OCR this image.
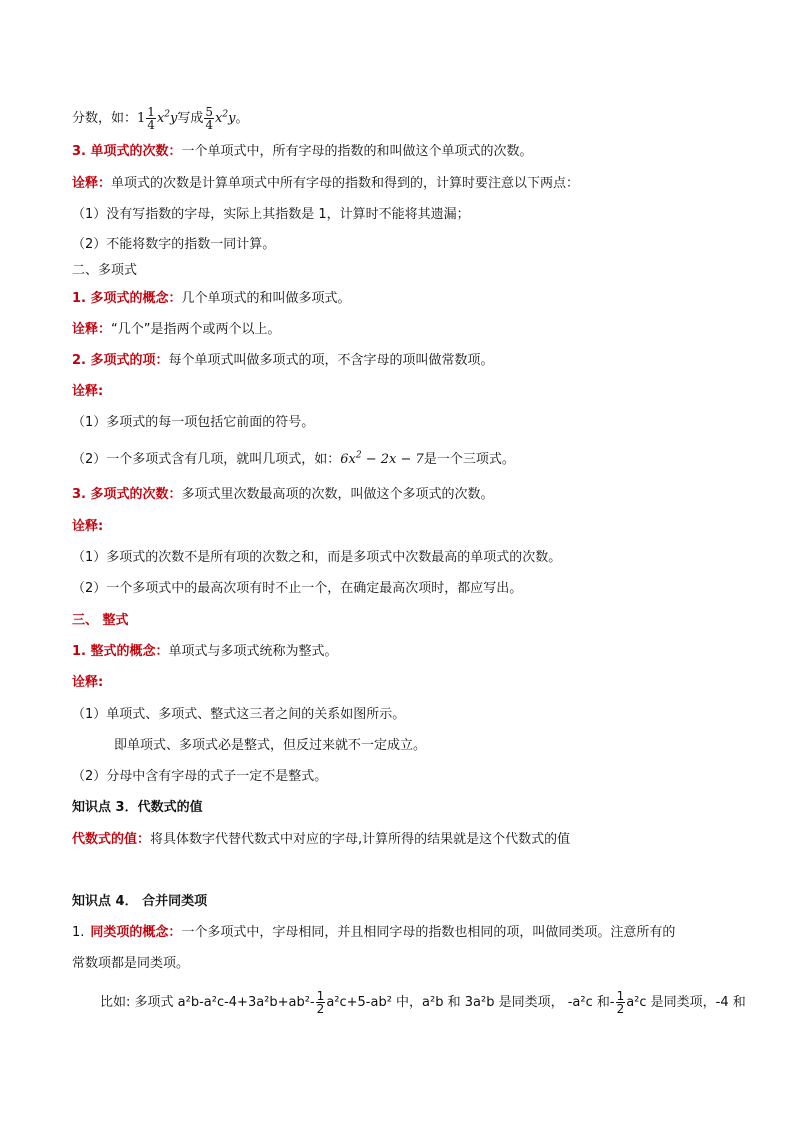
分数，如：$1 \frac{1}{4} x^2y$写成 $\frac{5}{4} x^2y$。
3. 单项式的次数：一个单项式中，所有字母的指数的和叫做这个单项式的次数。
诠释：单项式的次数是计算单项式中所有字母的指数和得到的，计算时要注意以下两点：
（1）没有写指数的字母，实际上其指数是 1，计算时不能将其遗漏；
（2）不能将数字的指数一同计算。
二、多项式
1. 多项式的概念：几个单项式的和叫做多项式。
诠释：“几个”是指两个或两个以上。
2. 多项式的项：每个单项式叫做多项式的项，不含字母的项叫做常数项。
诠释:
（1）多项式的每一项包括它前面的符号。
（2）一个多项式含有几项，就叫几项式，如：$6x^2 - 2x - 7$是一个三项式。
3. 多项式的次数：多项式里次数最高项的次数，叫做这个多项式的次数。
诠释:
（1）多项式的次数不是所有项的次数之和，而是多项式中次数最高的单项式的次数。
（2）一个多项式中的最高次项有时不止一个，在确定最高次项时，都应写出。
三、 整式
1. 整式的概念：单项式与多项式统称为整式。
诠释:
（1）单项式、多项式、整式这三者之间的关系如图所示。
即单项式、多项式必是整式，但反过来就不一定成立。
（2）分母中含有字母的式子一定不是整式。
知识点 3．代数式的值
代数式的值：将具体数字代替代数式中对应的字母,计算所得的结果就是这个代数式的值
知识点 4． 合并同类项
1. 同类项的概念：一个多项式中，字母相同，并且相同字母的指数也相同的项，叫做同类项。注意所有的
常数项都是同类项。
比如: 多项式 $a^2b-a^2c-4+3a^2b+ab^2- \frac{1}{2} a^2c+5-ab^2$ 中，a²b 和 3a²b 是同类项， -a²c 和- $\frac{1}{2} a^2c$ 是同类项，-4 和
